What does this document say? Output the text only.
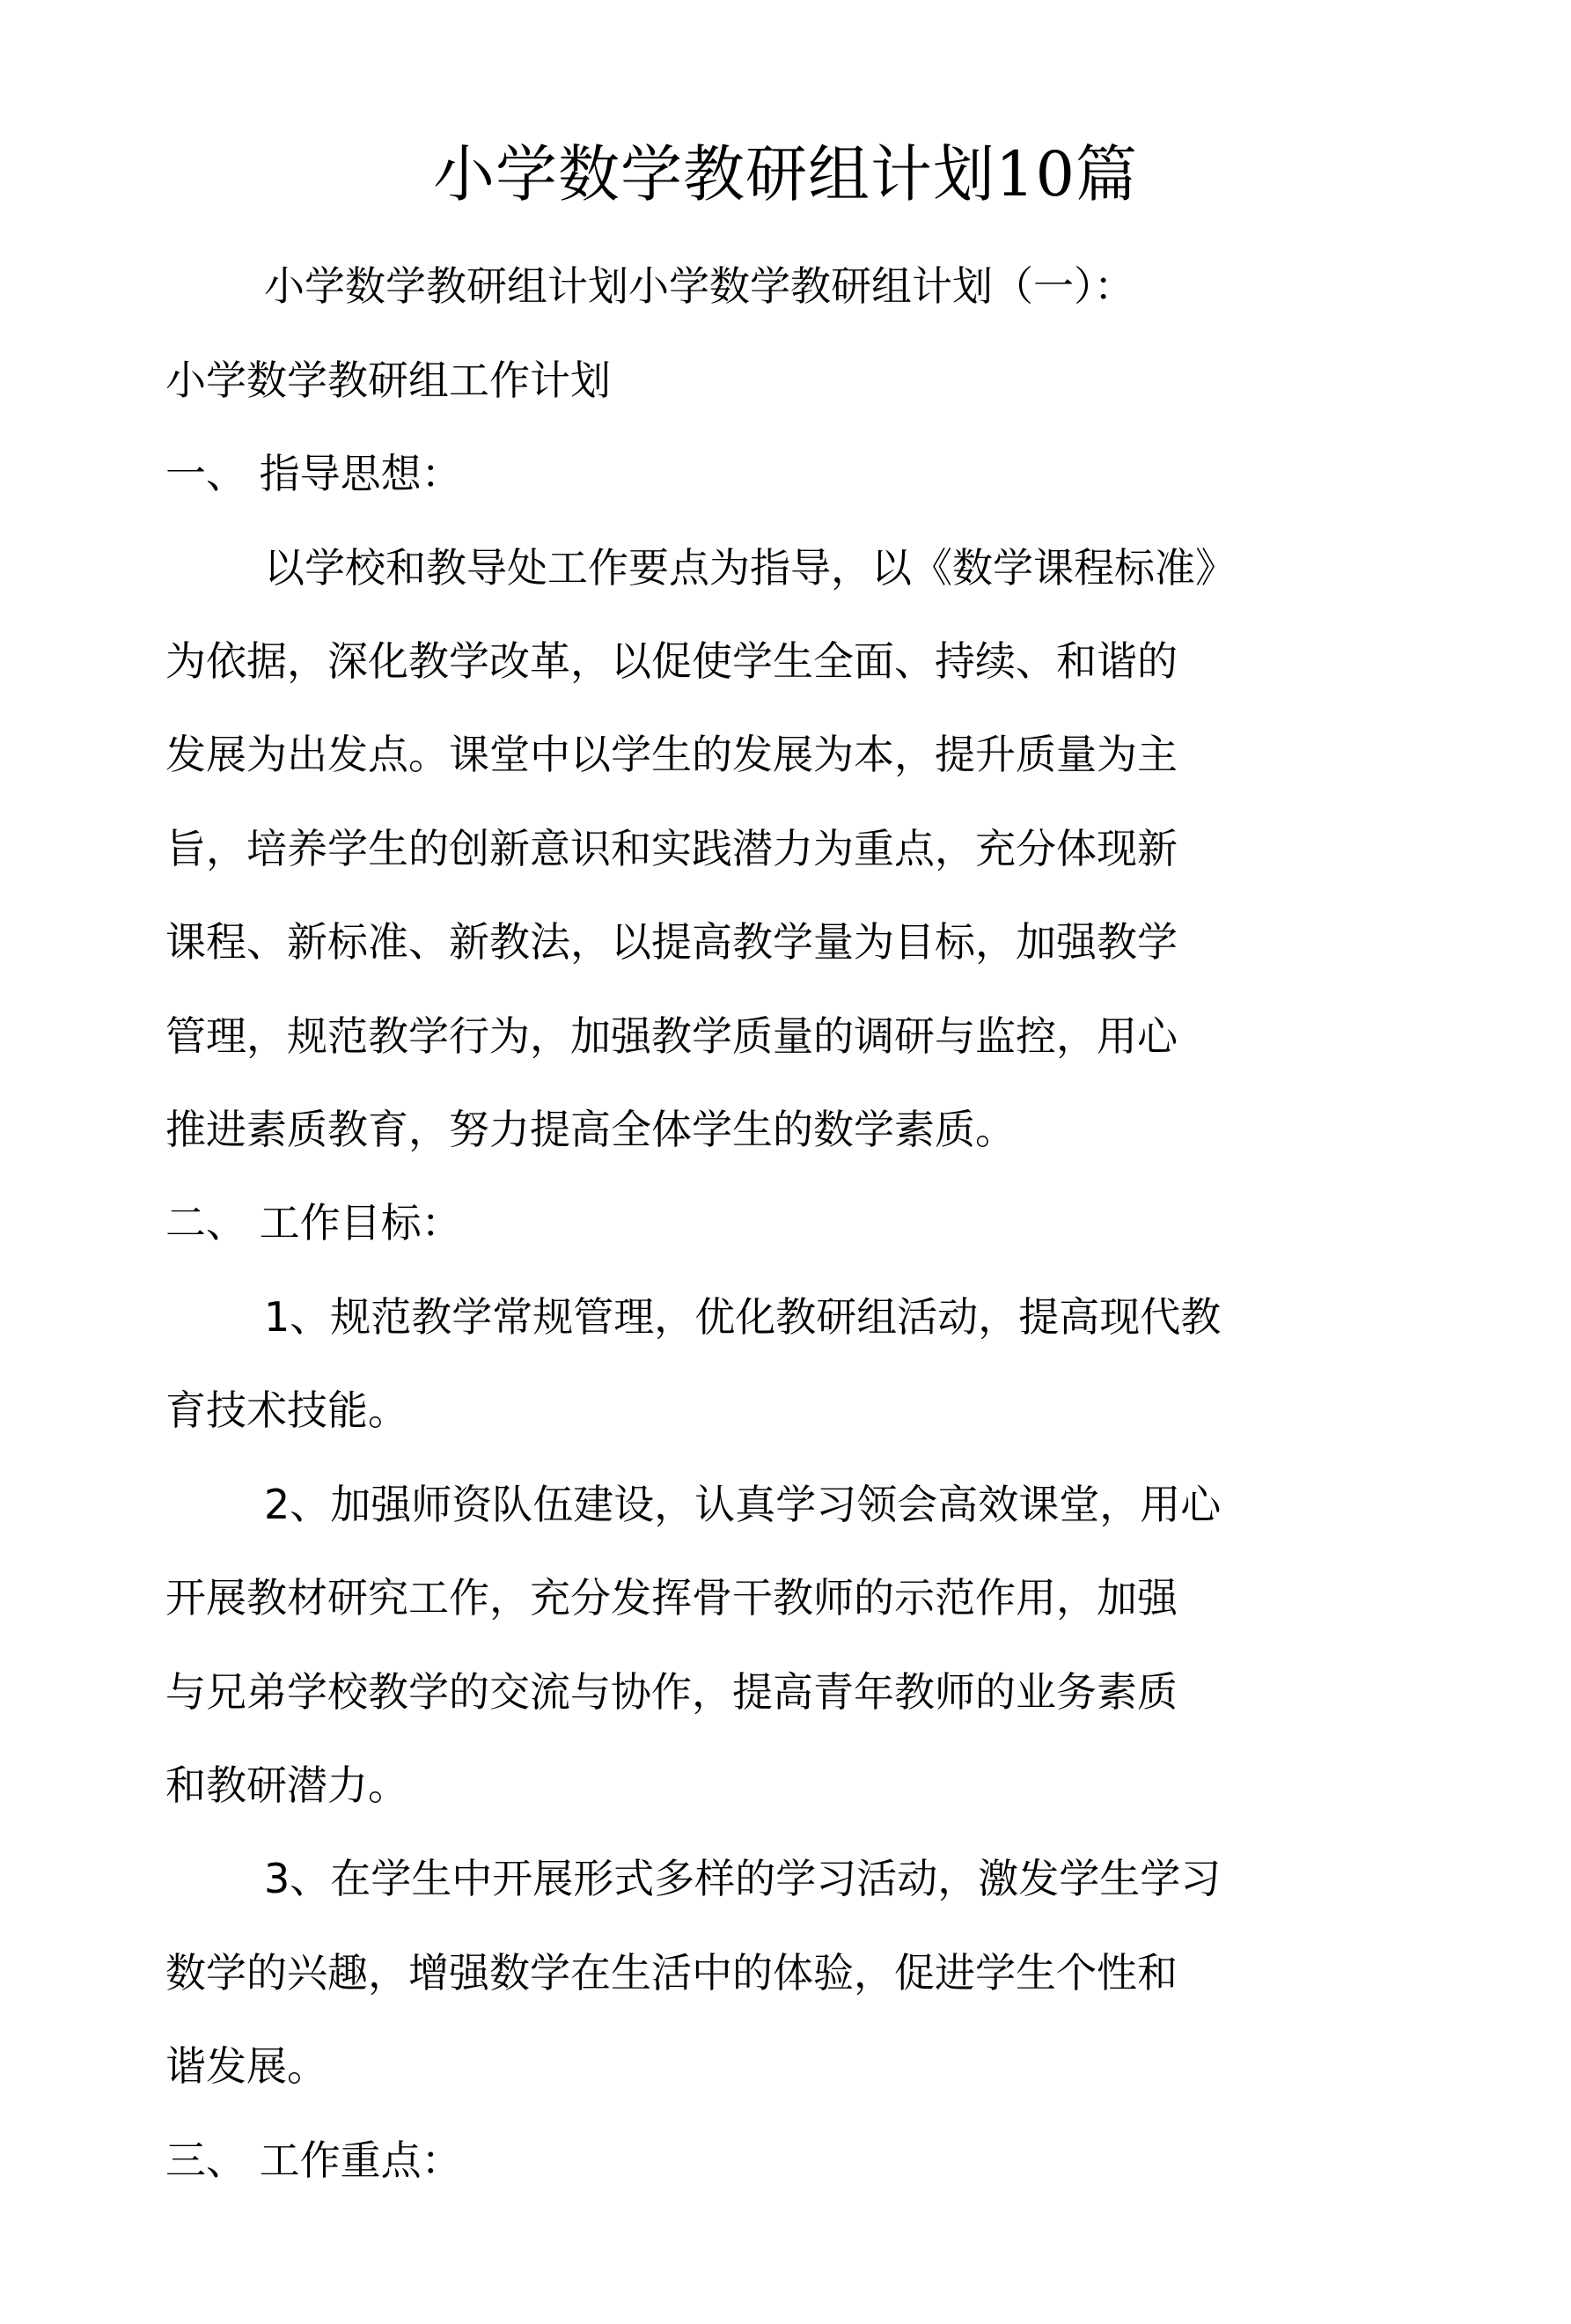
小学数学教研组计划10篇

小学数学教研组计划小学数学教研组计划（一）：

小学数学教研组工作计划

一、 指导思想：

以学校和教导处工作要点为指导，以《数学课程标准》

为依据，深化教学改革，以促使学生全面、持续、和谐的

发展为出发点。课堂中以学生的发展为本，提升质量为主

旨，培养学生的创新意识和实践潜力为重点，充分体现新

课程、新标准、新教法，以提高教学量为目标，加强教学

管理，规范教学行为，加强教学质量的调研与监控，用心

推进素质教育，努力提高全体学生的数学素质。

二、 工作目标：

1、规范教学常规管理，优化教研组活动，提高现代教

育技术技能。

2、加强师资队伍建设，认真学习领会高效课堂，用心

开展教材研究工作，充分发挥骨干教师的示范作用，加强

与兄弟学校教学的交流与协作，提高青年教师的业务素质

和教研潜力。

3、在学生中开展形式多样的学习活动，激发学生学习

数学的兴趣，增强数学在生活中的体验，促进学生个性和

谐发展。

三、 工作重点：
